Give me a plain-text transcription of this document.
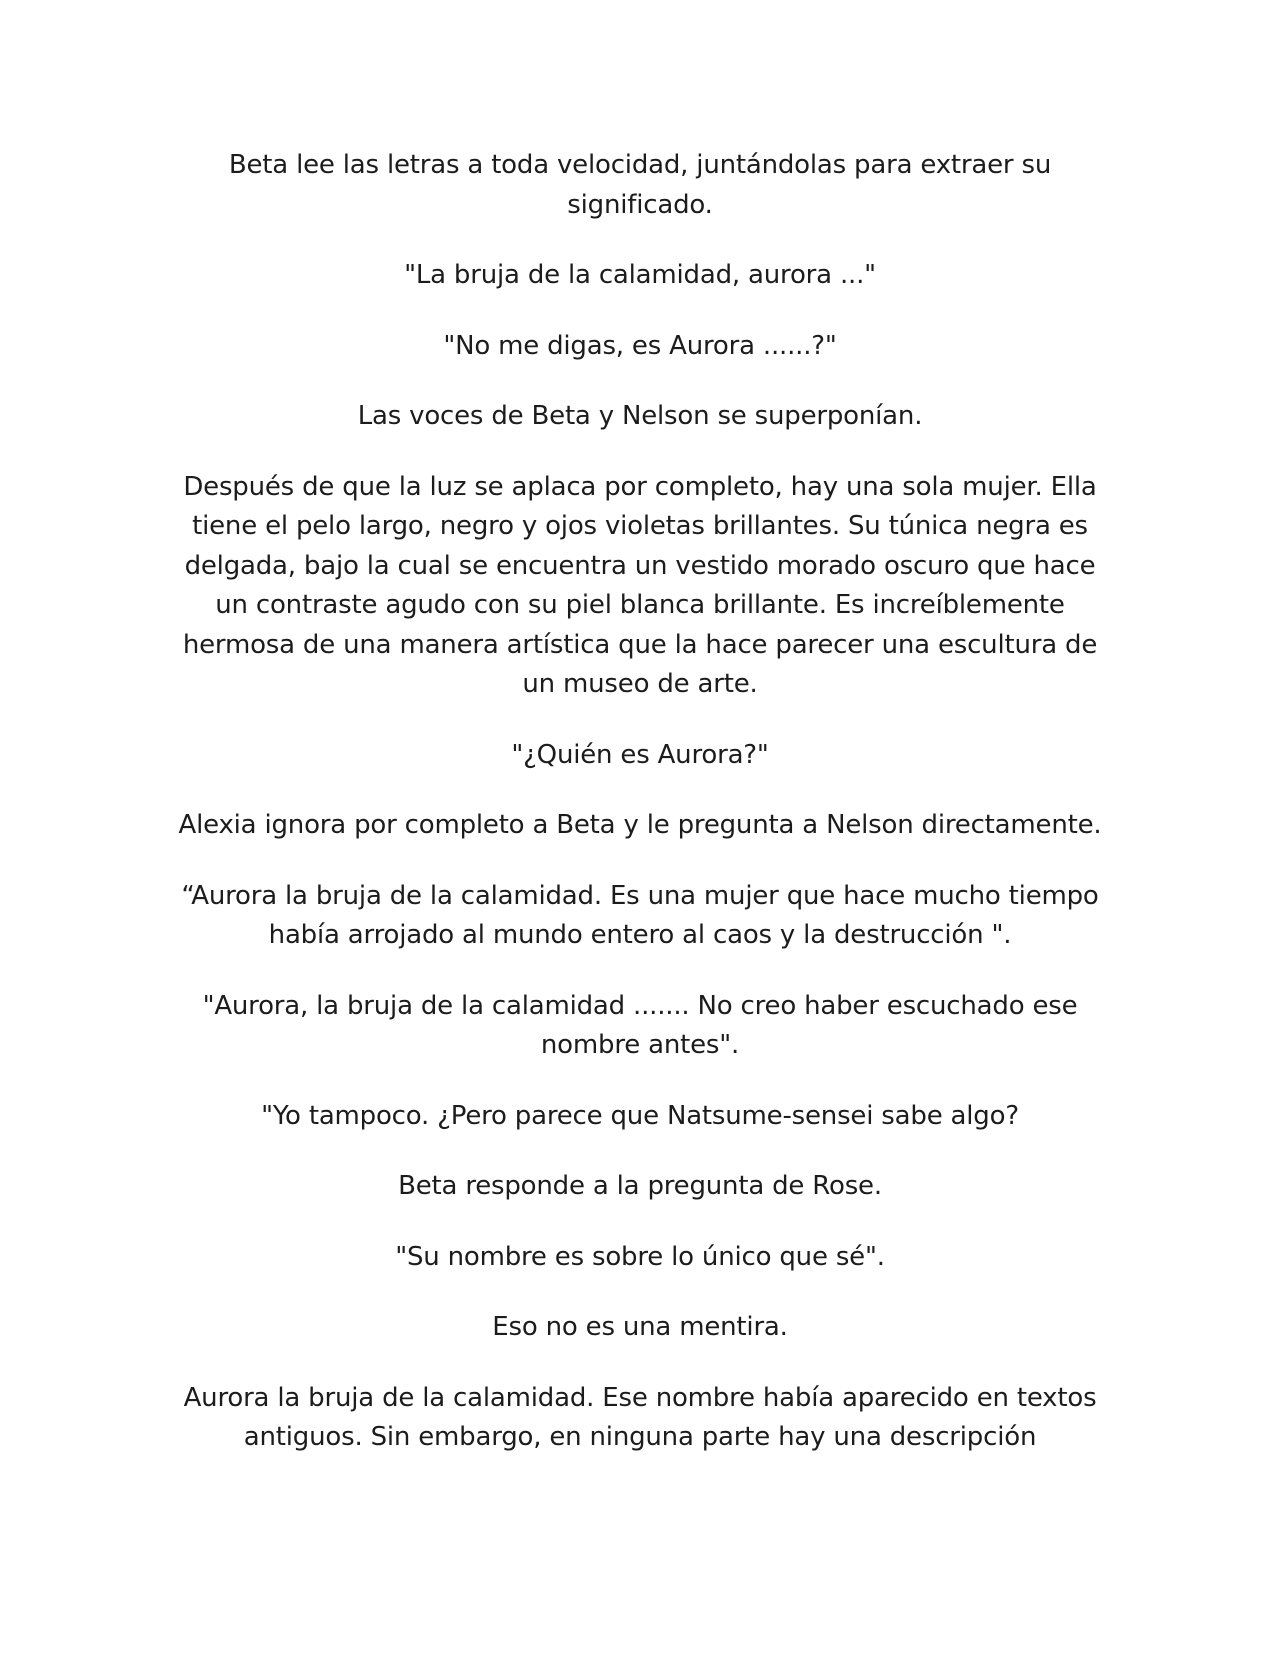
Beta lee las letras a toda velocidad, juntándolas para extraer su significado.

"La bruja de la calamidad, aurora ..."

"No me digas, es Aurora ......?"

Las voces de Beta y Nelson se superponían.

Después de que la luz se aplaca por completo, hay una sola mujer. Ella tiene el pelo largo, negro y ojos violetas brillantes. Su túnica negra es delgada, bajo la cual se encuentra un vestido morado oscuro que hace un contraste agudo con su piel blanca brillante. Es increíblemente hermosa de una manera artística que la hace parecer una escultura de un museo de arte.

"¿Quién es Aurora?"

Alexia ignora por completo a Beta y le pregunta a Nelson directamente.

“Aurora la bruja de la calamidad. Es una mujer que hace mucho tiempo había arrojado al mundo entero al caos y la destrucción ".

"Aurora, la bruja de la calamidad ....... No creo haber escuchado ese nombre antes".

"Yo tampoco. ¿Pero parece que Natsume-sensei sabe algo?

Beta responde a la pregunta de Rose.

"Su nombre es sobre lo único que sé".

Eso no es una mentira.

Aurora la bruja de la calamidad. Ese nombre había aparecido en textos antiguos. Sin embargo, en ninguna parte hay una descripción
